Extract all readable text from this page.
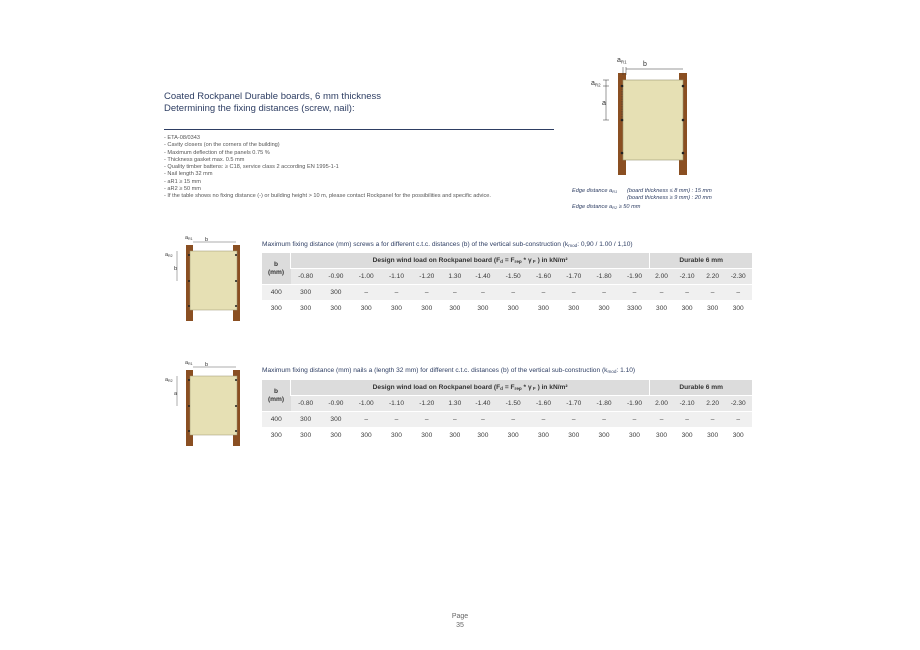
Coated Rockpanel Durable boards, 6 mm thickness
Determining the fixing distances (screw, nail):
- ETA-08/0343
- Cavity closers (on the corners of the building)
- Maximum deflection of the panels 0.75 %
- Thickness gasket max. 0.5 mm
- Quality timber battens: ≥ C18, service class 2 according EN 1995-1-1
- Nail length 32 mm
- aR1 ≥ 15 mm
- aR2 ≥ 50 mm
- If the table shows no fixing distance (-) or building height > 10 m, please contact Rockpanel for the possibilities and specific advice.
$a_{R1}$ b
$a_{R2}$
a
Edge distance $a_{R1}$ (board thickness ≤ 8 mm) : 15 mm
(board thickness ≥ 9 mm) : 20 mm
Edge distance $a_{R2} \ge 50$ mm
aR1 b
aR2
b
aR1 b
aR2
a
Maximum fixing distance (mm) screws a for different c.t.c. distances (b) of the vertical sub-construction ($k_{mod}$: 0,90 / 1.00 / 1,10)
b
(mm)	Design wind load on Rockpanel board ($F_d = F_{rep} * \gamma$ $_F$ ) in kN/m²												Durable 6 mm			
	-0.80	-0.90	-1.00	-1.10	-1.20	1.30	-1.40	-1.50	-1.60	-1.70	-1.80	-1.90	2.00	-2.10	2.20	-2.30
400	300	300	–	–	–	–	–	–	–	–	–	–	–	–	–	–
300	300	300	300	300	300	300	300	300	300	300	300	3300	300	300	300	300
Maximum fixing distance (mm) nails a (length 32 mm) for different c.t.c. distances (b) of the vertical sub-construction ($k_{mod}$: 1.10)
b
(mm)	Design wind load on Rockpanel board ($F_d = F_{rep} * \gamma$ $_F$ ) in kN/m²												Durable 6 mm			
	-0.80	-0.90	-1.00	-1.10	-1.20	1.30	-1.40	-1.50	-1.60	-1.70	-1.80	-1.90	2.00	-2.10	2.20	-2.30
400	300	300	–	–	–	–	–	–	–	–	–	–	–	–	–	–
300	300	300	300	300	300	300	300	300	300	300	300	300	300	300	300	300
Page
35
